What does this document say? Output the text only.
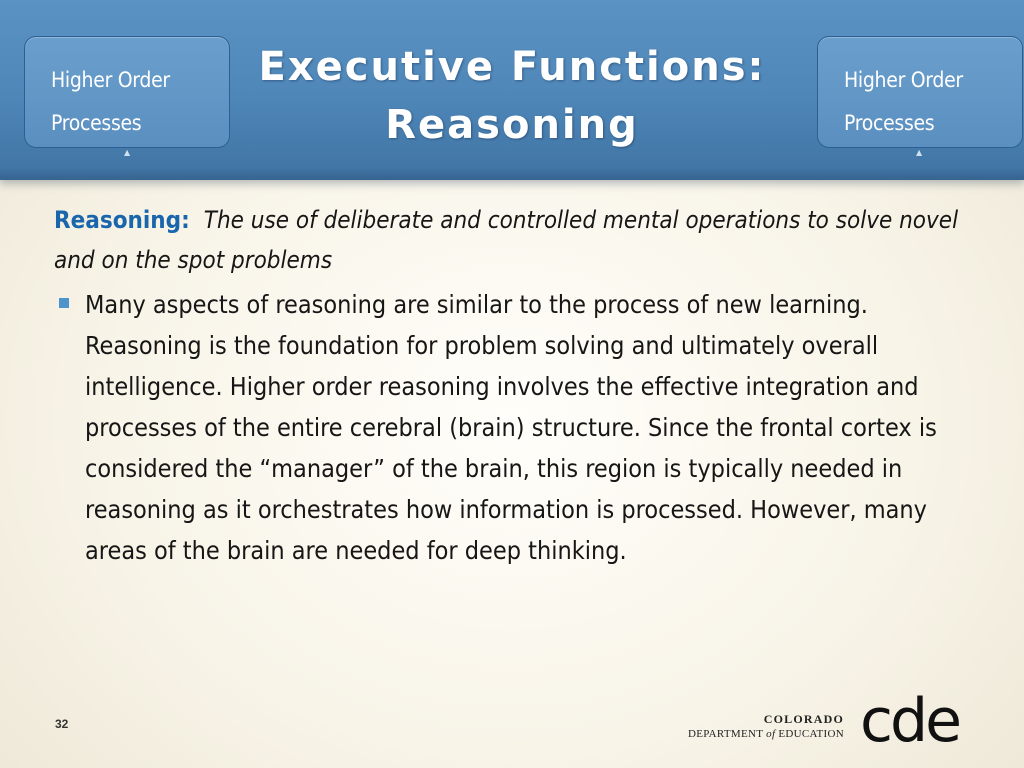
Higher Order
Processes
▲
Higher Order
Processes
▲
Executive Functions:
Reasoning
Reasoning: The use of deliberate and controlled mental operations to solve novel and on the spot problems
Many aspects of reasoning are similar to the process of new learning. Reasoning is the foundation for problem solving and ultimately overall intelligence. Higher order reasoning involves the effective integration and processes of the entire cerebral (brain) structure. Since the frontal cortex is considered the “manager” of the brain, this region is typically needed in reasoning as it orchestrates how information is processed. However, many areas of the brain are needed for deep thinking.
32	COLORADO
DEPARTMENT of EDUCATION cde
